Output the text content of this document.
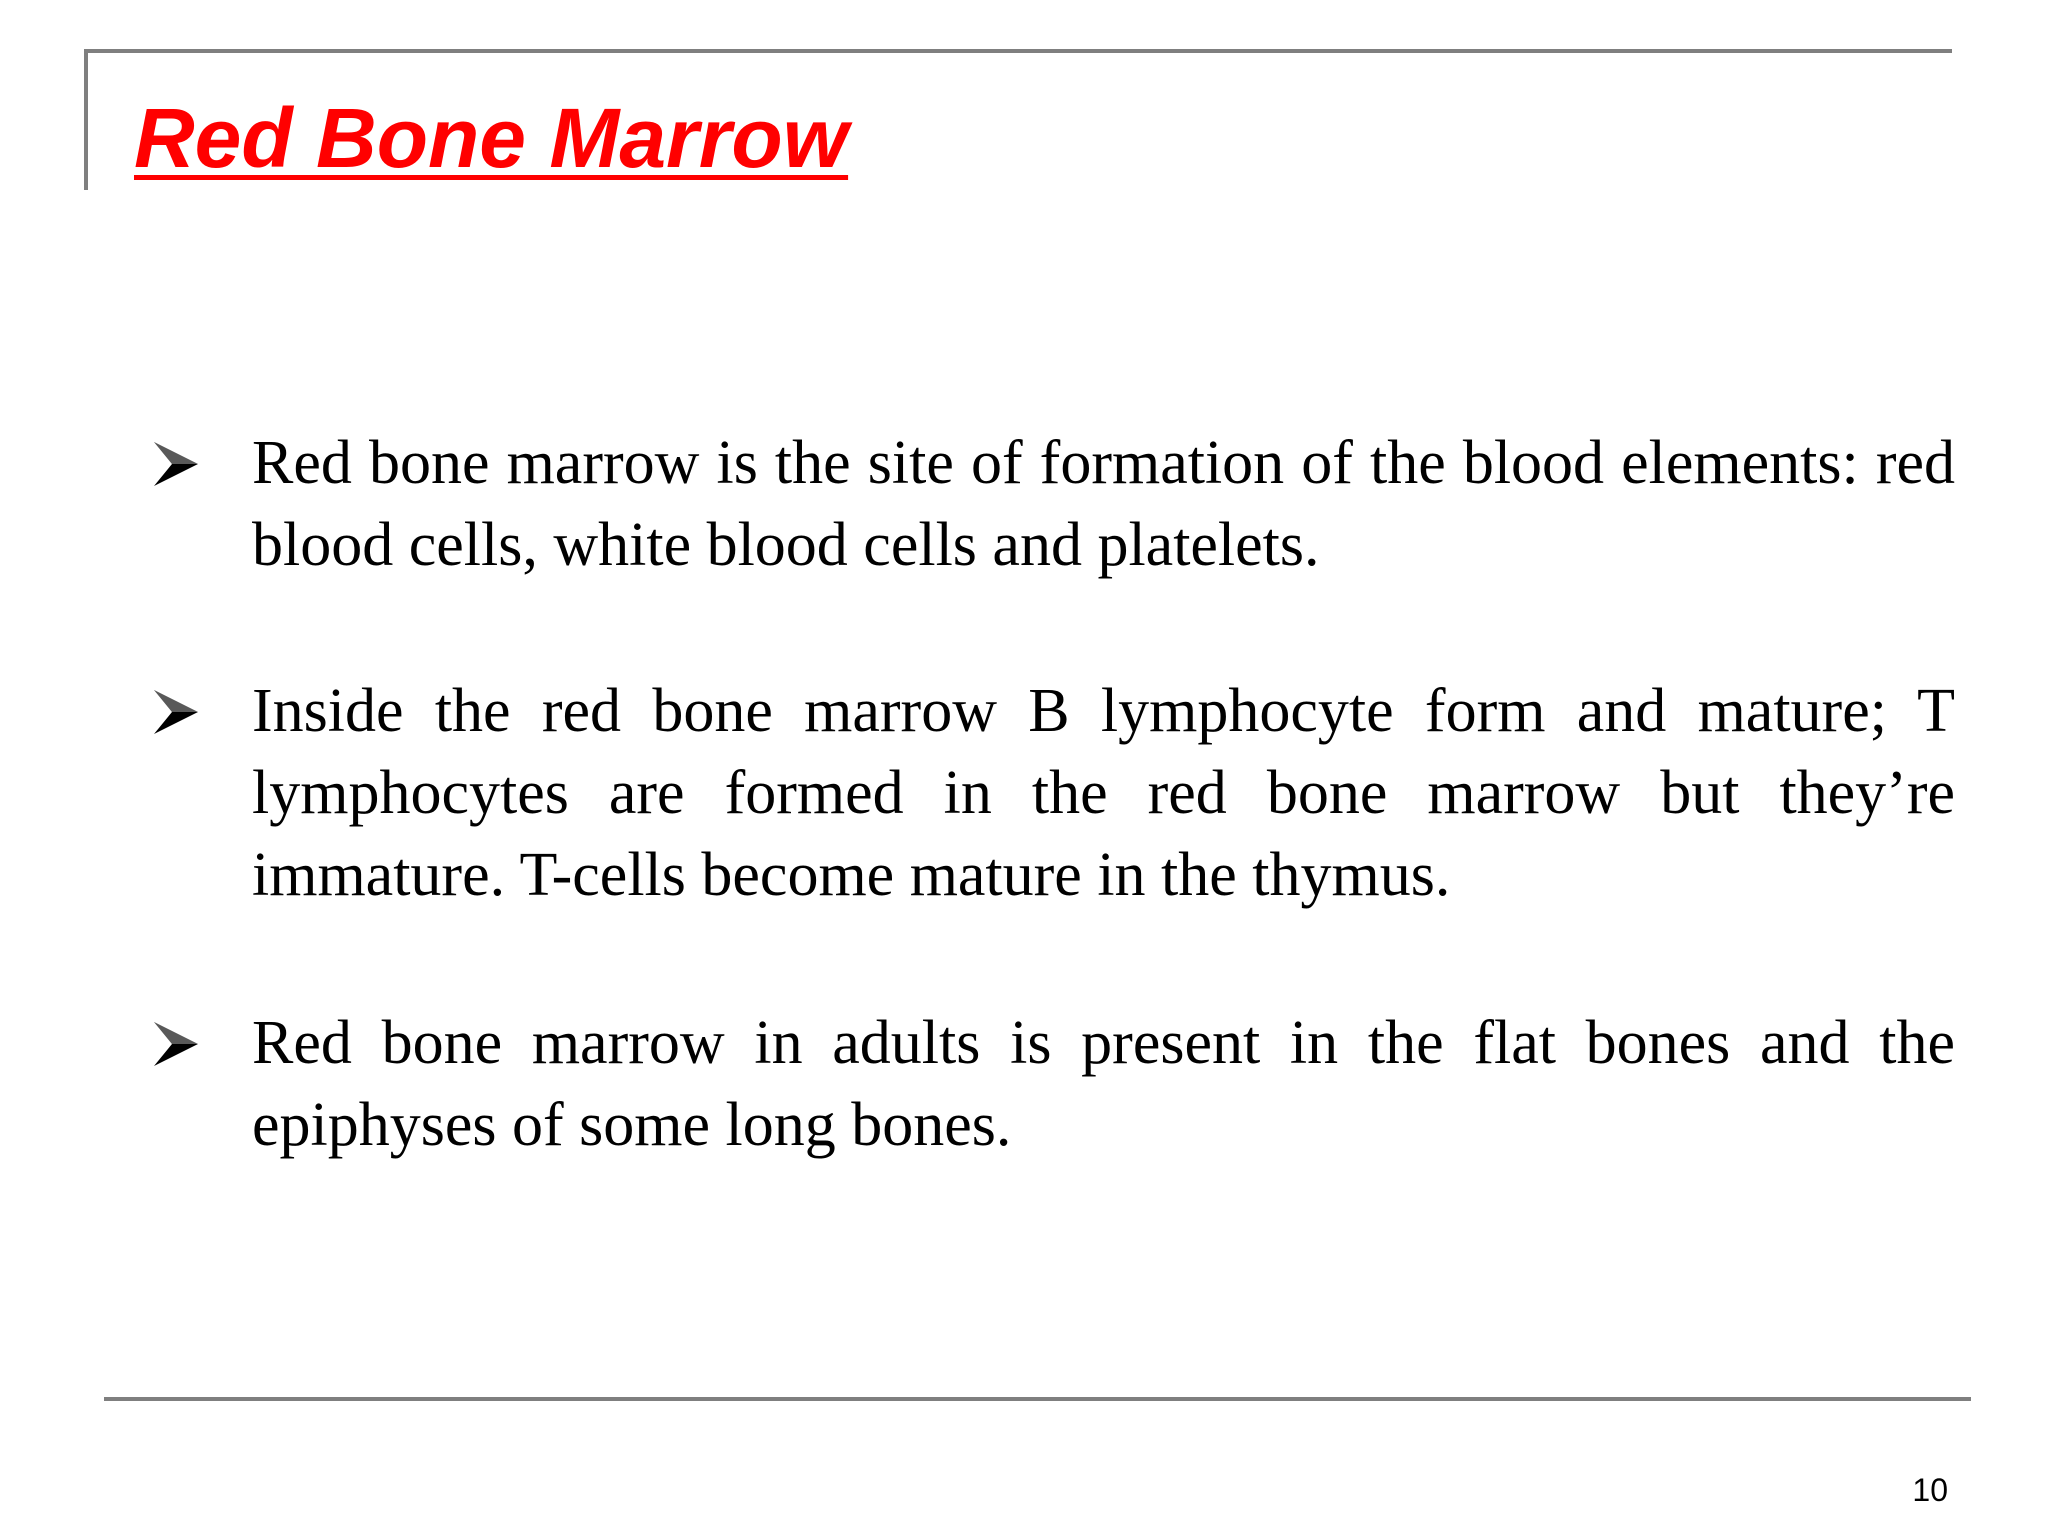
Red Bone Marrow

Red bone marrow is the site of formation of the blood elements: red blood cells, white blood cells and platelets.

Inside the red bone marrow B lymphocyte form and mature; T lymphocytes are formed in the red bone marrow but they’re immature. T-cells become mature in the thymus.

Red bone marrow in adults is present in the flat bones and the epiphyses of some long bones.

10
